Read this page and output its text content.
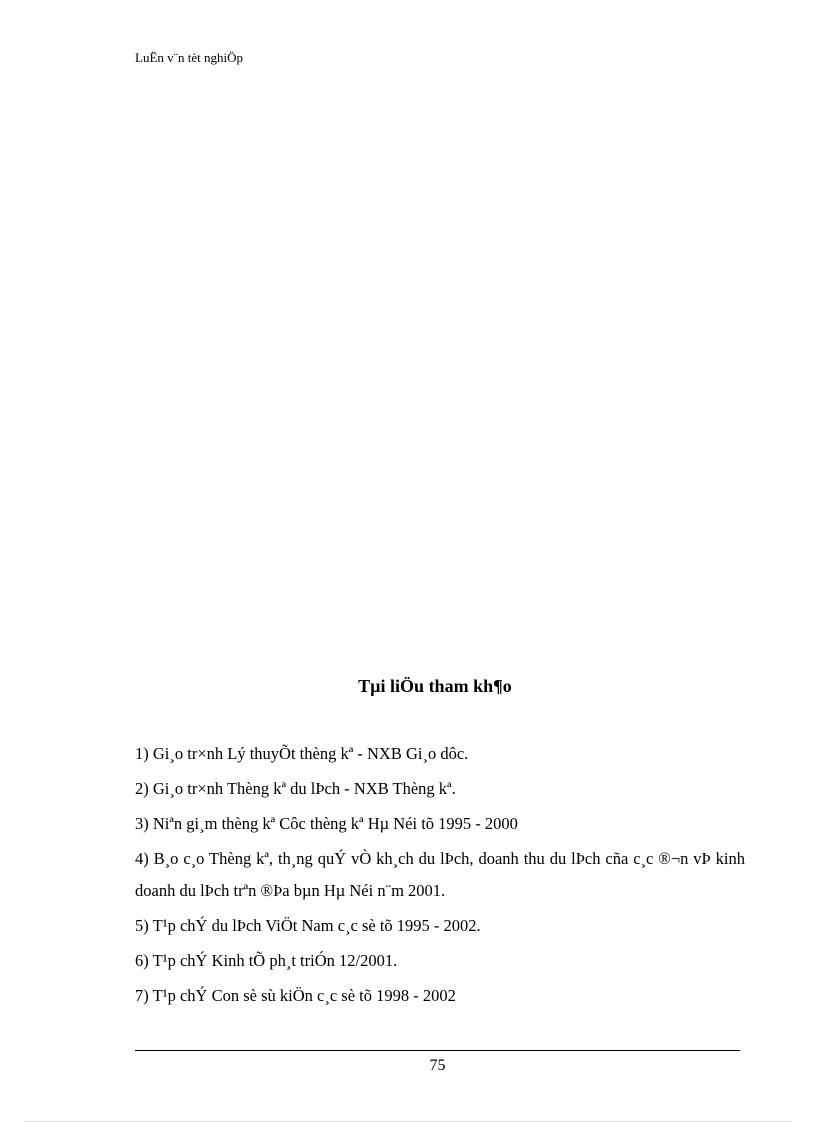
LuËn v¨n tèt nghiÖp
Tµi liÖu tham kh¶o
1) Gi¸o tr×nh Lý thuyÕt thèng kª - NXB Gi¸o dôc.
2) Gi¸o tr×nh Thèng kª du lÞch - NXB Thèng kª.
3) Niªn gi¸m thèng kª Côc thèng kª Hµ Néi tõ 1995 - 2000
4) B¸o c¸o Thèng kª, th¸ng quÝ vÒ kh¸ch du lÞch, doanh thu du lÞch cña c¸c ®¬n vÞ kinh doanh du lÞch trªn ®Þa bµn Hµ Néi n¨m 2001.
5) T¹p chÝ du lÞch ViÖt Nam c¸c sè tõ 1995 - 2002.
6) T¹p chÝ Kinh tÕ ph¸t triÓn 12/2001.
7) T¹p chÝ Con sè sù kiÖn c¸c sè tõ 1998 - 2002
75
